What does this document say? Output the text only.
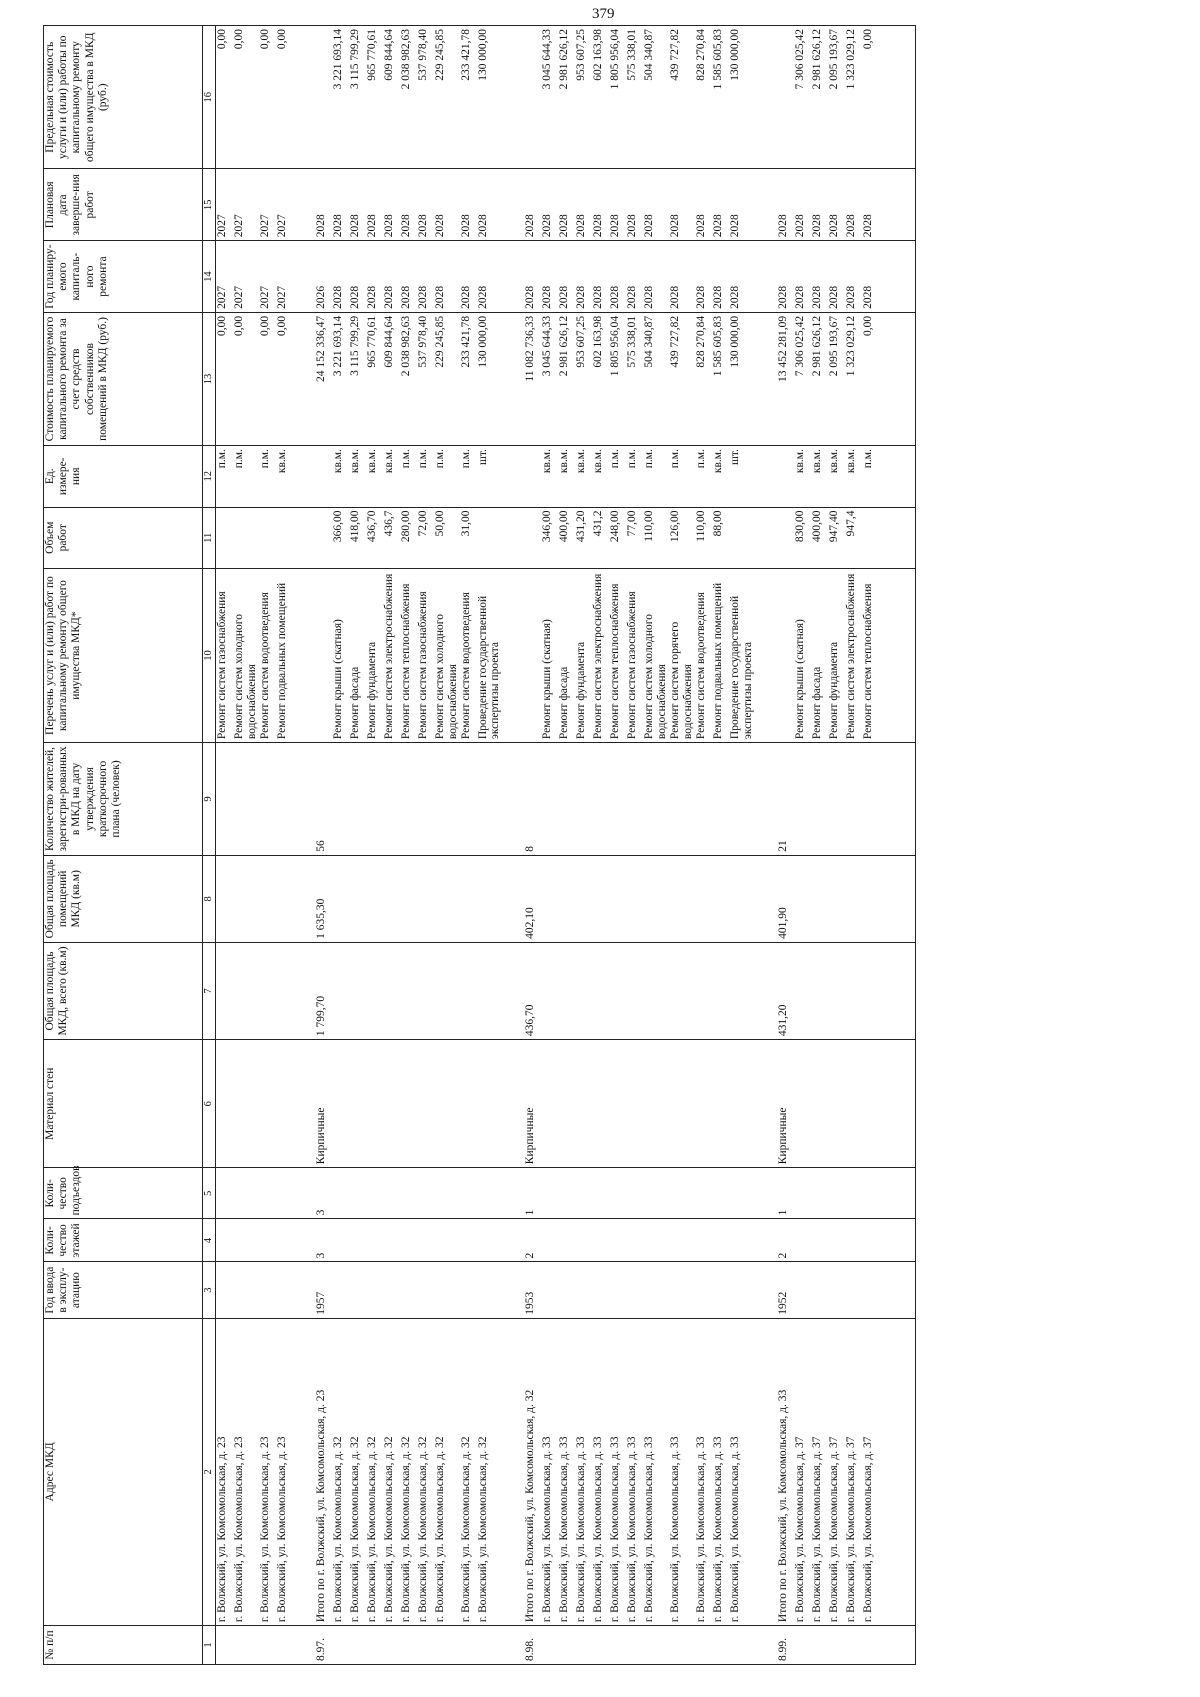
379
№ п/п	Адрес МКД	Год ввода в эксплу-атацию	Коли-чество этажей	Коли-чество подъездов	Материал стен	Общая площадь МКД, всего (кв.м)	Общая площадь помещений МКД (кв.м)	Количество жителей, зарегистри-рованных в МКД на дату утверждения краткосрочного плана (человек)	Перечень услуг и (или) работ по капитальному ремонту общего имущества МКД*	Объем работ	Ед. измере-ния	Стоимость планируемого капитального ремонта за счет средств собственников помещений в МКД (руб.)	Год планиру-емого капиталь-ного ремонта	Плановая дата заверше-ния работ	Предельная стоимость услуги и (или) работы по капитальному ремонту общего имущества в МКД (руб.)
1	2	3	4	5	6	7	8	9	10	11	12	13	14	15	16
	г. Волжский, ул. Комсомольская, д. 23								Ремонт систем газоснабжения		п.м.	0,00	2027	2027	0,00
	г. Волжский, ул. Комсомольская, д. 23								Ремонт систем холодного водоснабжения		п.м.	0,00	2027	2027	0,00
	г. Волжский, ул. Комсомольская, д. 23								Ремонт систем водоотведения		п.м.	0,00	2027	2027	0,00
	г. Волжский, ул. Комсомольская, д. 23								Ремонт подвальных помещений		кв.м.	0,00	2027	2027	0,00
8.97.	Итого по г. Волжский, ул. Комсомольская, д. 23	1957	3	3	Кирпичные	1 799,70	1 635,30	56				24 152 336,47	2026	2028	
	г. Волжский, ул. Комсомольская, д. 32								Ремонт крыши (скатная)	366,00	кв.м.	3 221 693,14	2028	2028	3 221 693,14
	г. Волжский, ул. Комсомольская, д. 32								Ремонт фасада	418,00	кв.м.	3 115 799,29	2028	2028	3 115 799,29
	г. Волжский, ул. Комсомольская, д. 32								Ремонт фундамента	436,70	кв.м.	965 770,61	2028	2028	965 770,61
	г. Волжский, ул. Комсомольская, д. 32								Ремонт систем электроснабжения	436,7	кв.м.	609 844,64	2028	2028	609 844,64
	г. Волжский, ул. Комсомольская, д. 32								Ремонт систем теплоснабжения	280,00	п.м.	2 038 982,63	2028	2028	2 038 982,63
	г. Волжский, ул. Комсомольская, д. 32								Ремонт систем газоснабжения	72,00	п.м.	537 978,40	2028	2028	537 978,40
	г. Волжский, ул. Комсомольская, д. 32								Ремонт систем холодного водоснабжения	50,00	п.м.	229 245,85	2028	2028	229 245,85
	г. Волжский, ул. Комсомольская, д. 32								Ремонт систем водоотведения	31,00	п.м.	233 421,78	2028	2028	233 421,78
	г. Волжский, ул. Комсомольская, д. 32								Проведение государственной экспертизы проекта		шт.	130 000,00	2028	2028	130 000,00
8.98.	Итого по г. Волжский, ул. Комсомольская, д. 32	1953	2	1	Кирпичные	436,70	402,10	8				11 082 736,33	2028	2028	
	г. Волжский, ул. Комсомольская, д. 33								Ремонт крыши (скатная)	346,00	кв.м.	3 045 644,33	2028	2028	3 045 644,33
	г. Волжский, ул. Комсомольская, д. 33								Ремонт фасада	400,00	кв.м.	2 981 626,12	2028	2028	2 981 626,12
	г. Волжский, ул. Комсомольская, д. 33								Ремонт фундамента	431,20	кв.м.	953 607,25	2028	2028	953 607,25
	г. Волжский, ул. Комсомольская, д. 33								Ремонт систем электроснабжения	431,2	кв.м.	602 163,98	2028	2028	602 163,98
	г. Волжский, ул. Комсомольская, д. 33								Ремонт систем теплоснабжения	248,00	п.м.	1 805 956,04	2028	2028	1 805 956,04
	г. Волжский, ул. Комсомольская, д. 33								Ремонт систем газоснабжения	77,00	п.м.	575 338,01	2028	2028	575 338,01
	г. Волжский, ул. Комсомольская, д. 33								Ремонт систем холодного водоснабжения	110,00	п.м.	504 340,87	2028	2028	504 340,87
	г. Волжский, ул. Комсомольская, д. 33								Ремонт систем горячего водоснабжения	126,00	п.м.	439 727,82	2028	2028	439 727,82
	г. Волжский, ул. Комсомольская, д. 33								Ремонт систем водоотведения	110,00	п.м.	828 270,84	2028	2028	828 270,84
	г. Волжский, ул. Комсомольская, д. 33								Ремонт подвальных помещений	88,00	кв.м.	1 585 605,83	2028	2028	1 585 605,83
	г. Волжский, ул. Комсомольская, д. 33								Проведение государственной экспертизы проекта		шт.	130 000,00	2028	2028	130 000,00
8.99.	Итого по г. Волжский, ул. Комсомольская, д. 33	1952	2	1	Кирпичные	431,20	401,90	21				13 452 281,09	2028	2028	
	г. Волжский, ул. Комсомольская, д. 37								Ремонт крыши (скатная)	830,00	кв.м.	7 306 025,42	2028	2028	7 306 025,42
	г. Волжский, ул. Комсомольская, д. 37								Ремонт фасада	400,00	кв.м.	2 981 626,12	2028	2028	2 981 626,12
	г. Волжский, ул. Комсомольская, д. 37								Ремонт фундамента	947,40	кв.м.	2 095 193,67	2028	2028	2 095 193,67
	г. Волжский, ул. Комсомольская, д. 37								Ремонт систем электроснабжения	947,4	кв.м.	1 323 029,12	2028	2028	1 323 029,12
	г. Волжский, ул. Комсомольская, д. 37								Ремонт систем теплоснабжения		п.м.	0,00	2028	2028	0,00
